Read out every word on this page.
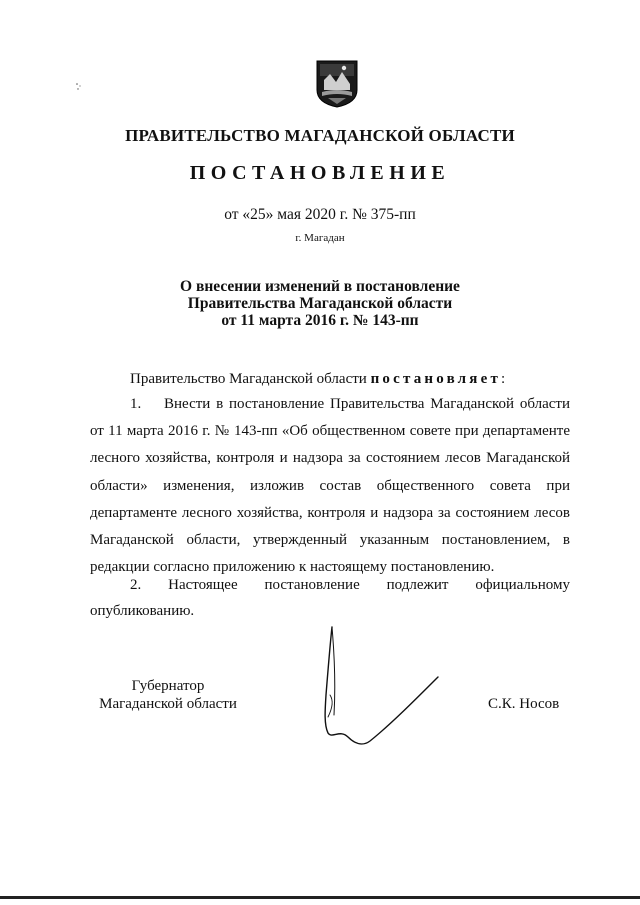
ПРАВИТЕЛЬСТВО МАГАДАНСКОЙ ОБЛАСТИ
ПОСТАНОВЛЕНИЕ
от «25» мая 2020 г. № 375-пп
г. Магадан
О внесении изменений в постановление
Правительства Магаданской области
от 11 марта 2016 г. № 143-пп
Правительство Магаданской области постановляет:
1. Внести в постановление Правительства Магаданской области от 11 марта 2016 г. № 143-пп «Об общественном совете при департаменте лесного хозяйства, контроля и надзора за состоянием лесов Магаданской области» изменения, изложив состав общественного совета при департаменте лесного хозяйства, контроля и надзора за состоянием лесов Магаданской области, утвержденный указанным постановлением, в редакции согласно приложению к настоящему постановлению.
2. Настоящее постановление подлежит официальному
опубликованию.
Губернатор
Магаданской области	С.К. Носов
